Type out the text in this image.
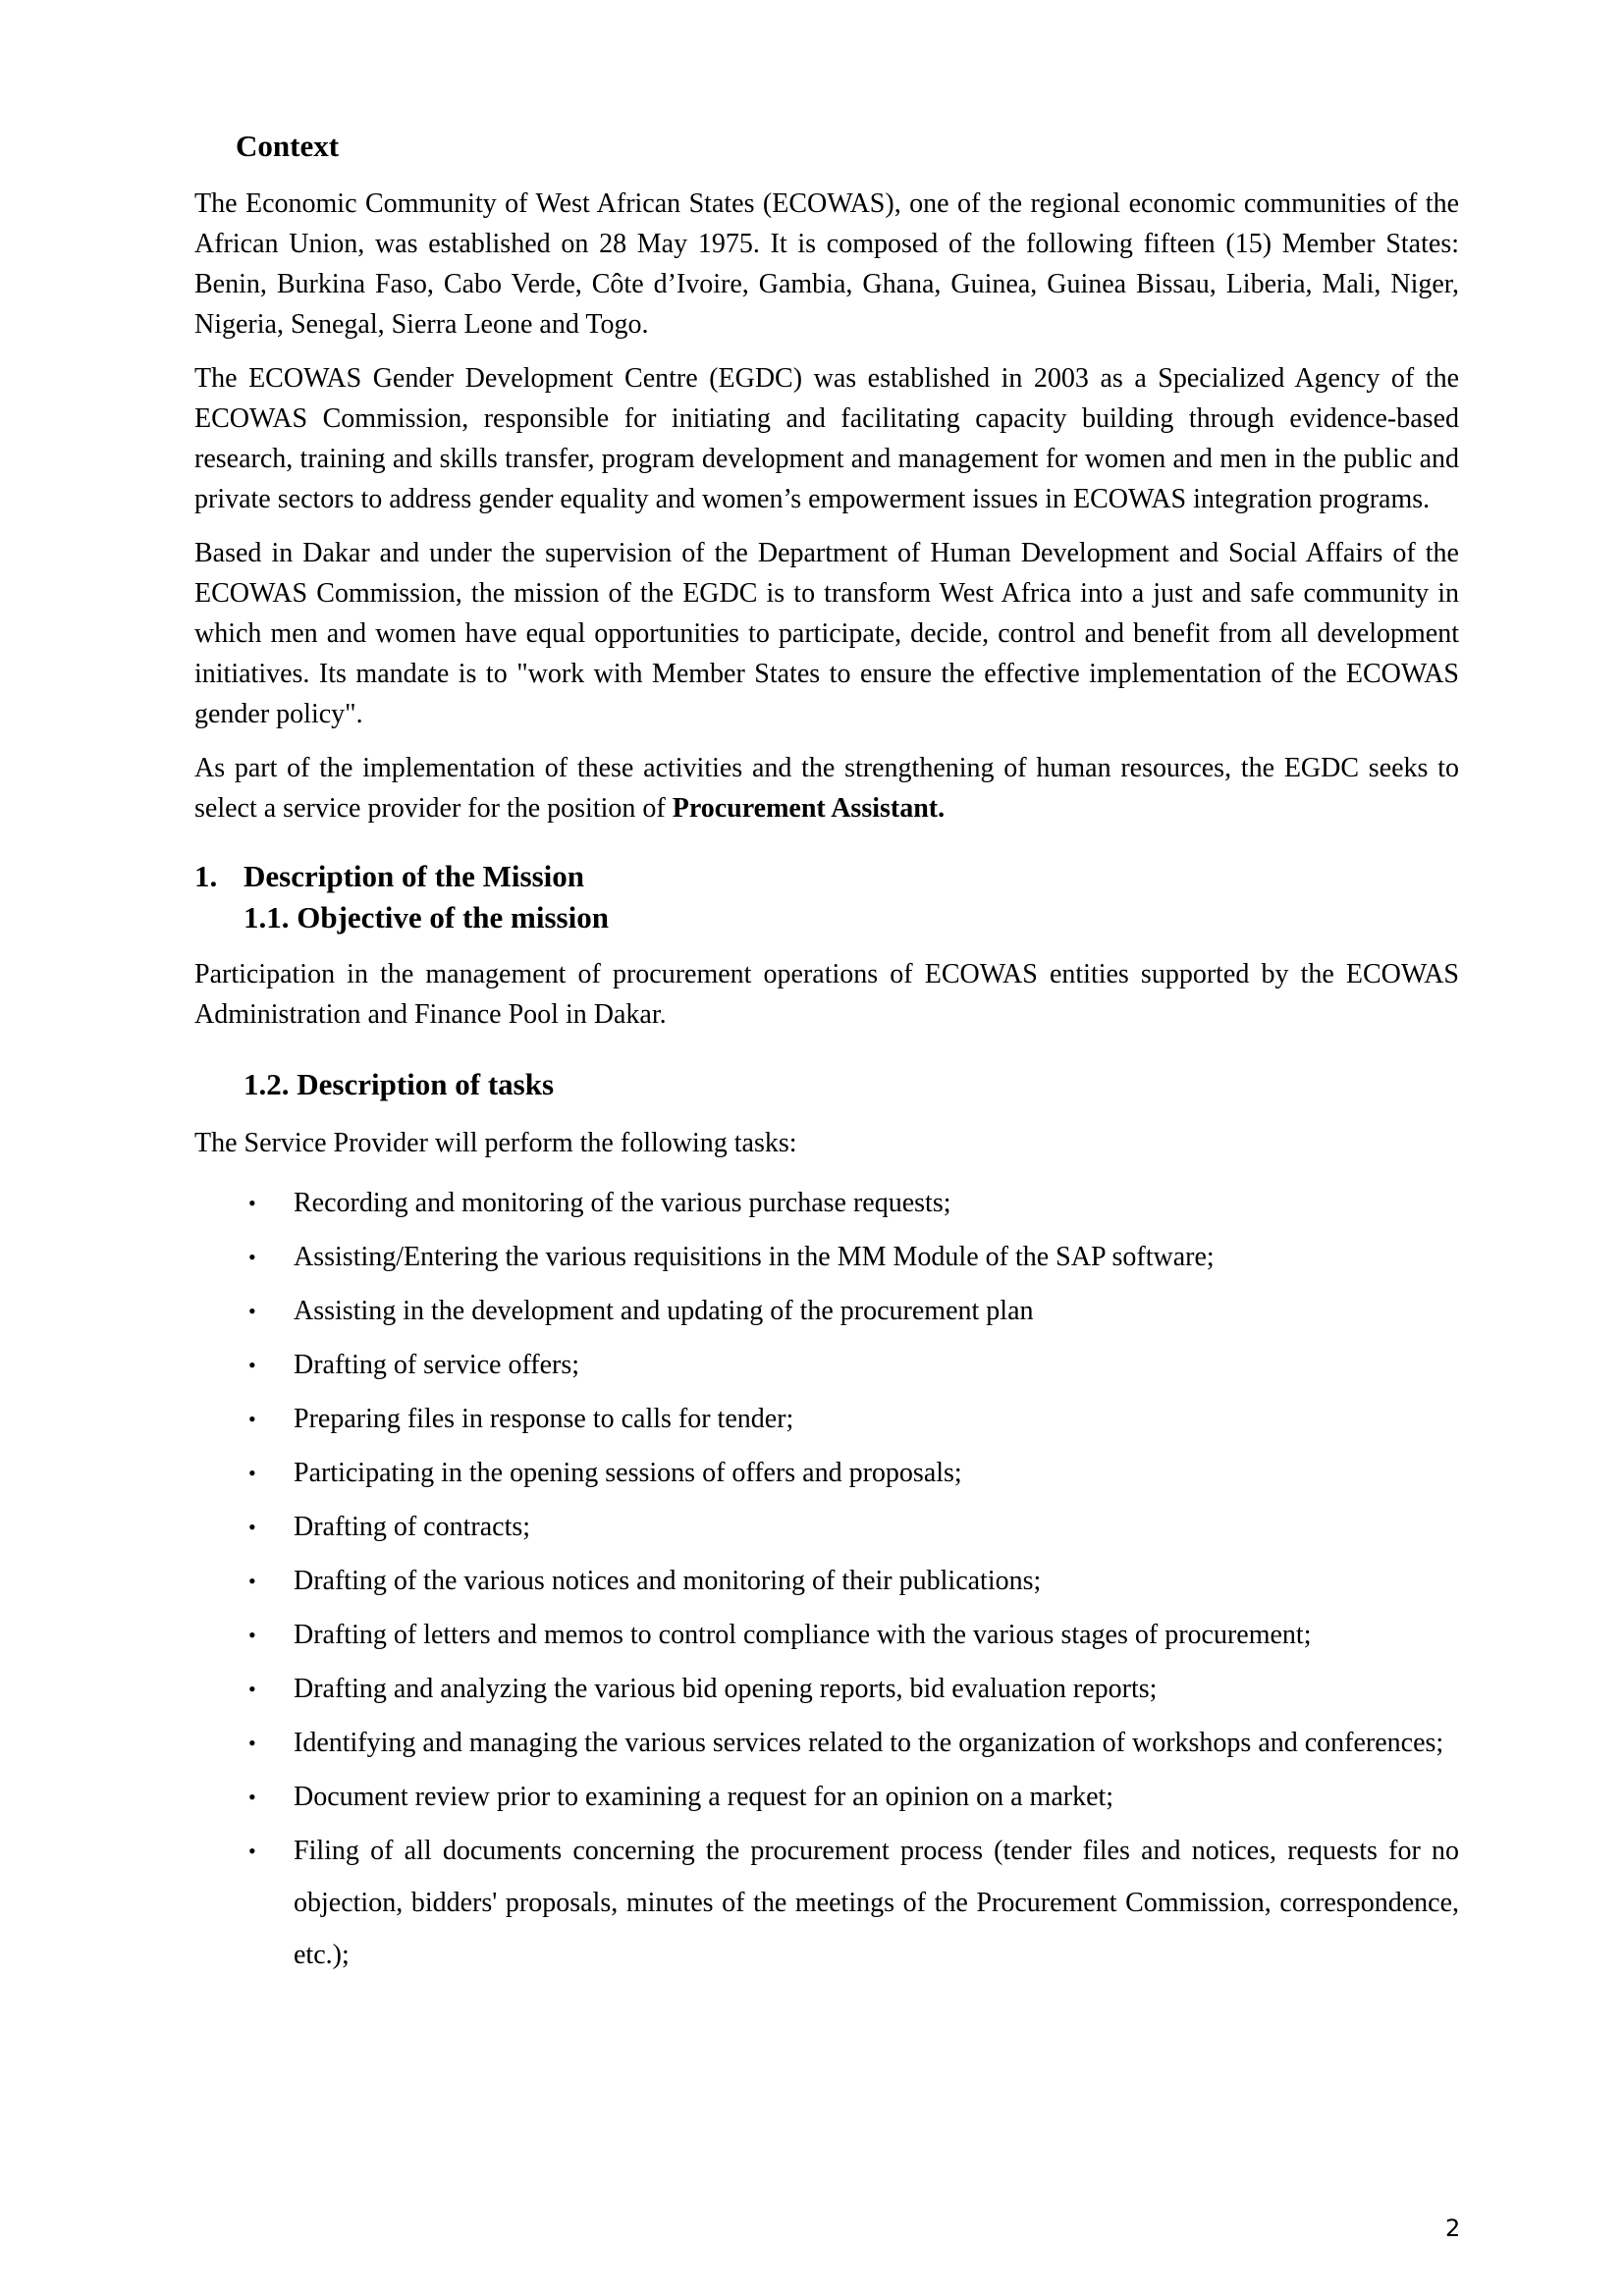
Context

The Economic Community of West African States (ECOWAS), one of the regional economic communities of the African Union, was established on 28 May 1975. It is composed of the following fifteen (15) Member States: Benin, Burkina Faso, Cabo Verde, Côte d’Ivoire, Gambia, Ghana, Guinea, Guinea Bissau, Liberia, Mali, Niger, Nigeria, Senegal, Sierra Leone and Togo.

The ECOWAS Gender Development Centre (EGDC) was established in 2003 as a Specialized Agency of the ECOWAS Commission, responsible for initiating and facilitating capacity building through evidence-based research, training and skills transfer, program development and management for women and men in the public and private sectors to address gender equality and women’s empowerment issues in ECOWAS integration programs.

Based in Dakar and under the supervision of the Department of Human Development and Social Affairs of the ECOWAS Commission, the mission of the EGDC is to transform West Africa into a just and safe community in which men and women have equal opportunities to participate, decide, control and benefit from all development initiatives. Its mandate is to "work with Member States to ensure the effective implementation of the ECOWAS gender policy".

As part of the implementation of these activities and the strengthening of human resources, the EGDC seeks to select a service provider for the position of Procurement Assistant.

1. Description of the Mission
1.1. Objective of the mission

Participation in the management of procurement operations of ECOWAS entities supported by the ECOWAS Administration and Finance Pool in Dakar.

1.2. Description of tasks

The Service Provider will perform the following tasks:

• Recording and monitoring of the various purchase requests;
• Assisting/Entering the various requisitions in the MM Module of the SAP software;
• Assisting in the development and updating of the procurement plan
• Drafting of service offers;
• Preparing files in response to calls for tender;
• Participating in the opening sessions of offers and proposals;
• Drafting of contracts;
• Drafting of the various notices and monitoring of their publications;
• Drafting of letters and memos to control compliance with the various stages of procurement;
• Drafting and analyzing the various bid opening reports, bid evaluation reports;
• Identifying and managing the various services related to the organization of workshops and conferences;
• Document review prior to examining a request for an opinion on a market;
• Filing of all documents concerning the procurement process (tender files and notices, requests for no objection, bidders' proposals, minutes of the meetings of the Procurement Commission, correspondence, etc.);
2
